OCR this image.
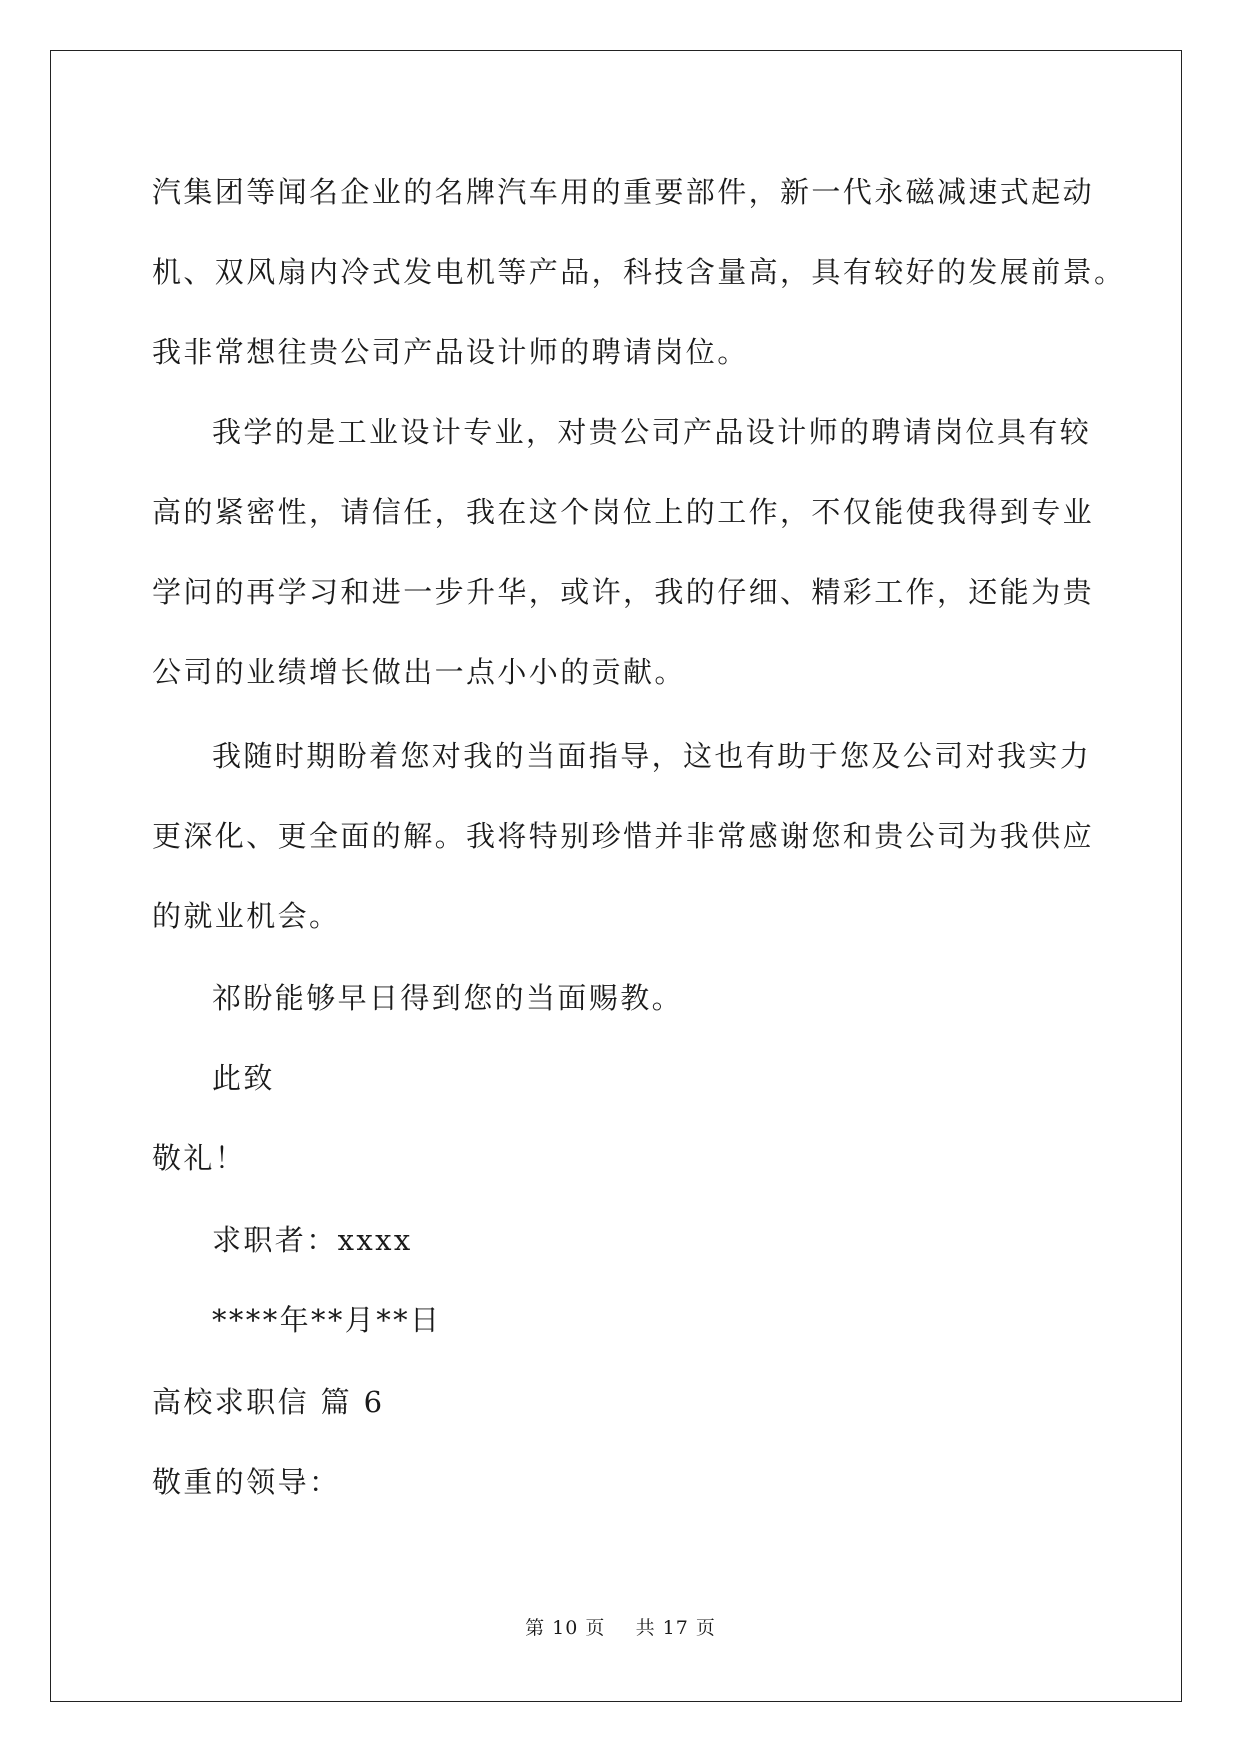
汽集团等闻名企业的名牌汽车用的重要部件，新一代永磁减速式起动
机、双风扇内冷式发电机等产品，科技含量高，具有较好的发展前景。
我非常想往贵公司产品设计师的聘请岗位。
我学的是工业设计专业，对贵公司产品设计师的聘请岗位具有较
高的紧密性，请信任，我在这个岗位上的工作，不仅能使我得到专业
学问的再学习和进一步升华，或许，我的仔细、精彩工作，还能为贵
公司的业绩增长做出一点小小的贡献。
我随时期盼着您对我的当面指导，这也有助于您及公司对我实力
更深化、更全面的解。我将特别珍惜并非常感谢您和贵公司为我供应
的就业机会。
祁盼能够早日得到您的当面赐教。
此致
敬礼！
求职者：xxxx
****年**月**日
高校求职信 篇 6
敬重的领导：
第 10 页 共 17 页
